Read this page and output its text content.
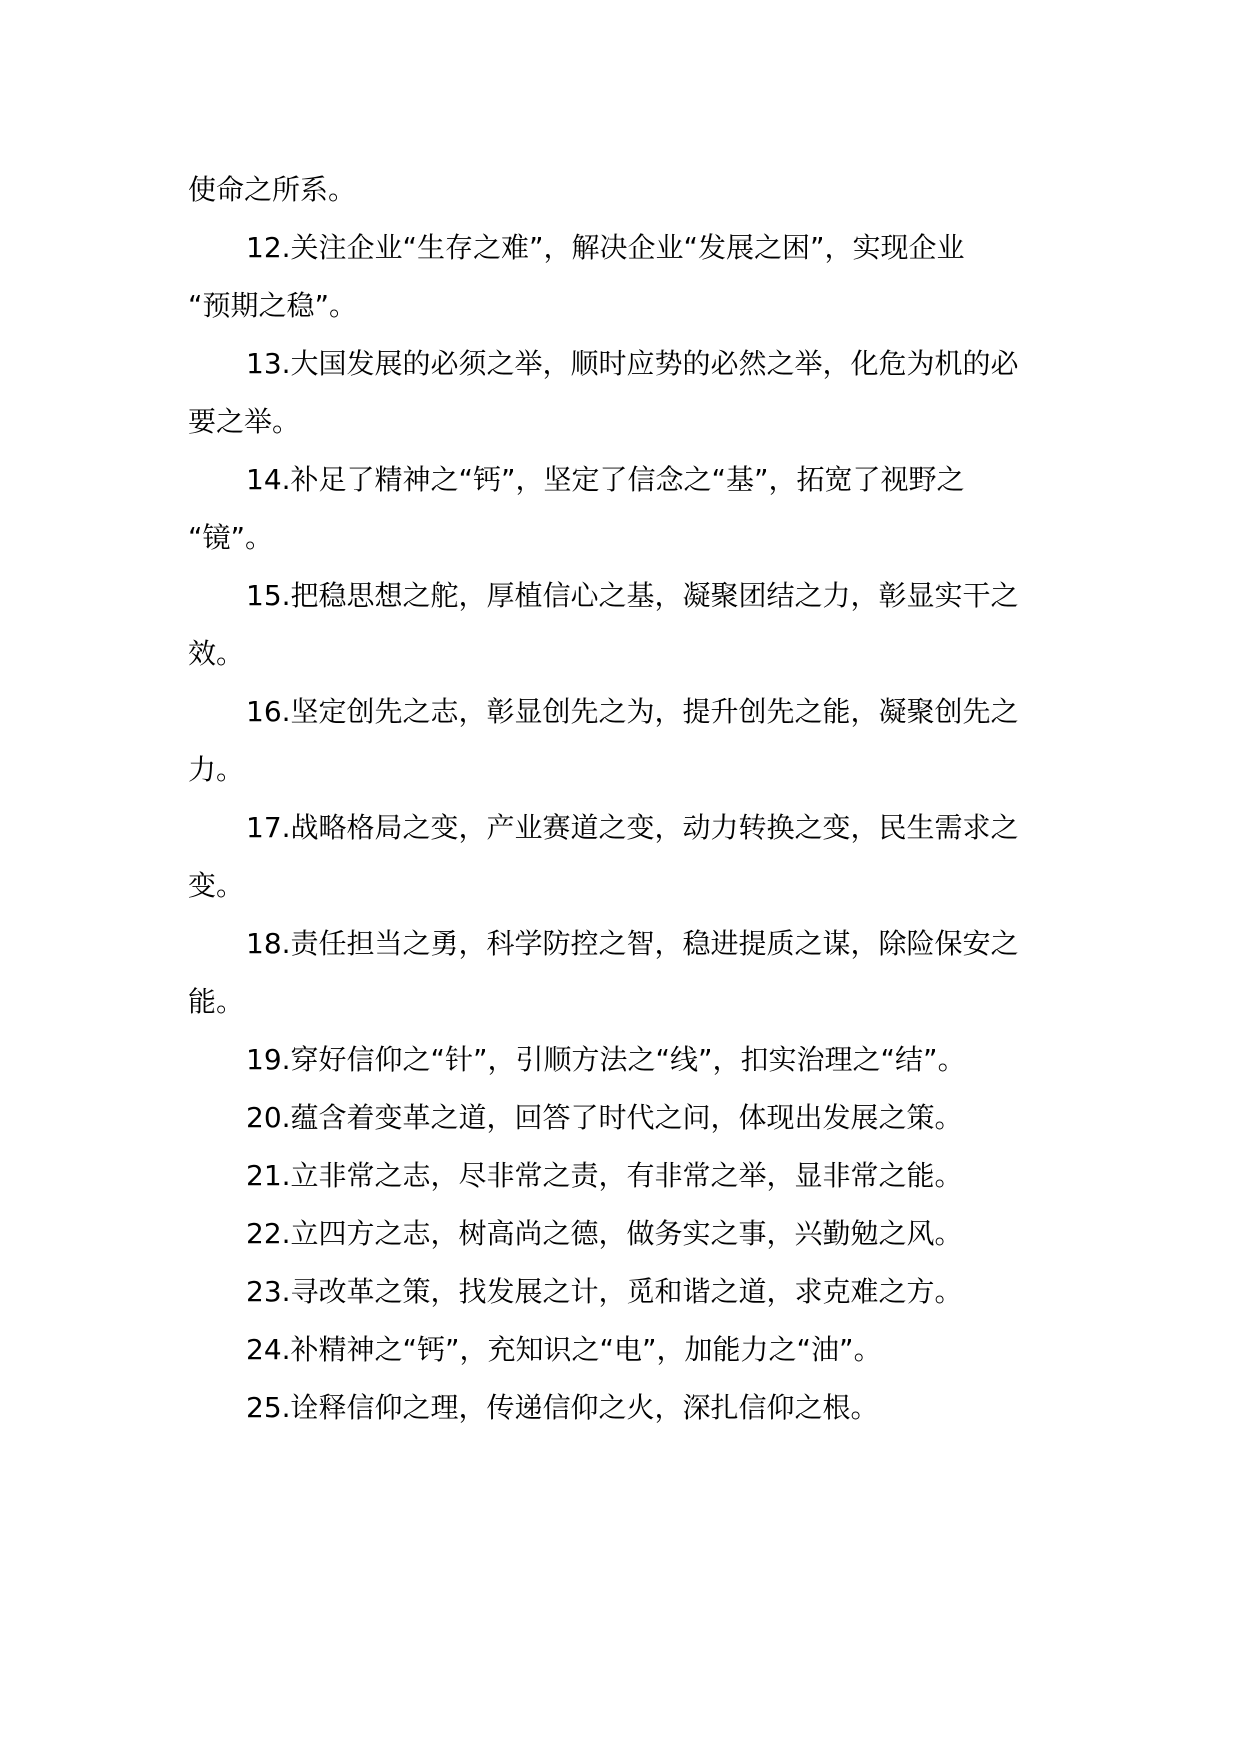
使命之所系。
12.关注企业“生存之难”，解决企业“发展之困”，实现企业
“预期之稳”。
13.大国发展的必须之举，顺时应势的必然之举，化危为机的必
要之举。
14.补足了精神之“钙”，坚定了信念之“基”，拓宽了视野之
“镜”。
15.把稳思想之舵，厚植信心之基，凝聚团结之力，彰显实干之
效。
16.坚定创先之志，彰显创先之为，提升创先之能，凝聚创先之
力。
17.战略格局之变，产业赛道之变，动力转换之变，民生需求之
变。
18.责任担当之勇，科学防控之智，稳进提质之谋，除险保安之
能。
19.穿好信仰之“针”，引顺方法之“线”，扣实治理之“结”。
20.蕴含着变革之道，回答了时代之问，体现出发展之策。
21.立非常之志，尽非常之责，有非常之举，显非常之能。
22.立四方之志，树高尚之德，做务实之事，兴勤勉之风。
23.寻改革之策，找发展之计，觅和谐之道，求克难之方。
24.补精神之“钙”，充知识之“电”，加能力之“油”。
25.诠释信仰之理，传递信仰之火，深扎信仰之根。
